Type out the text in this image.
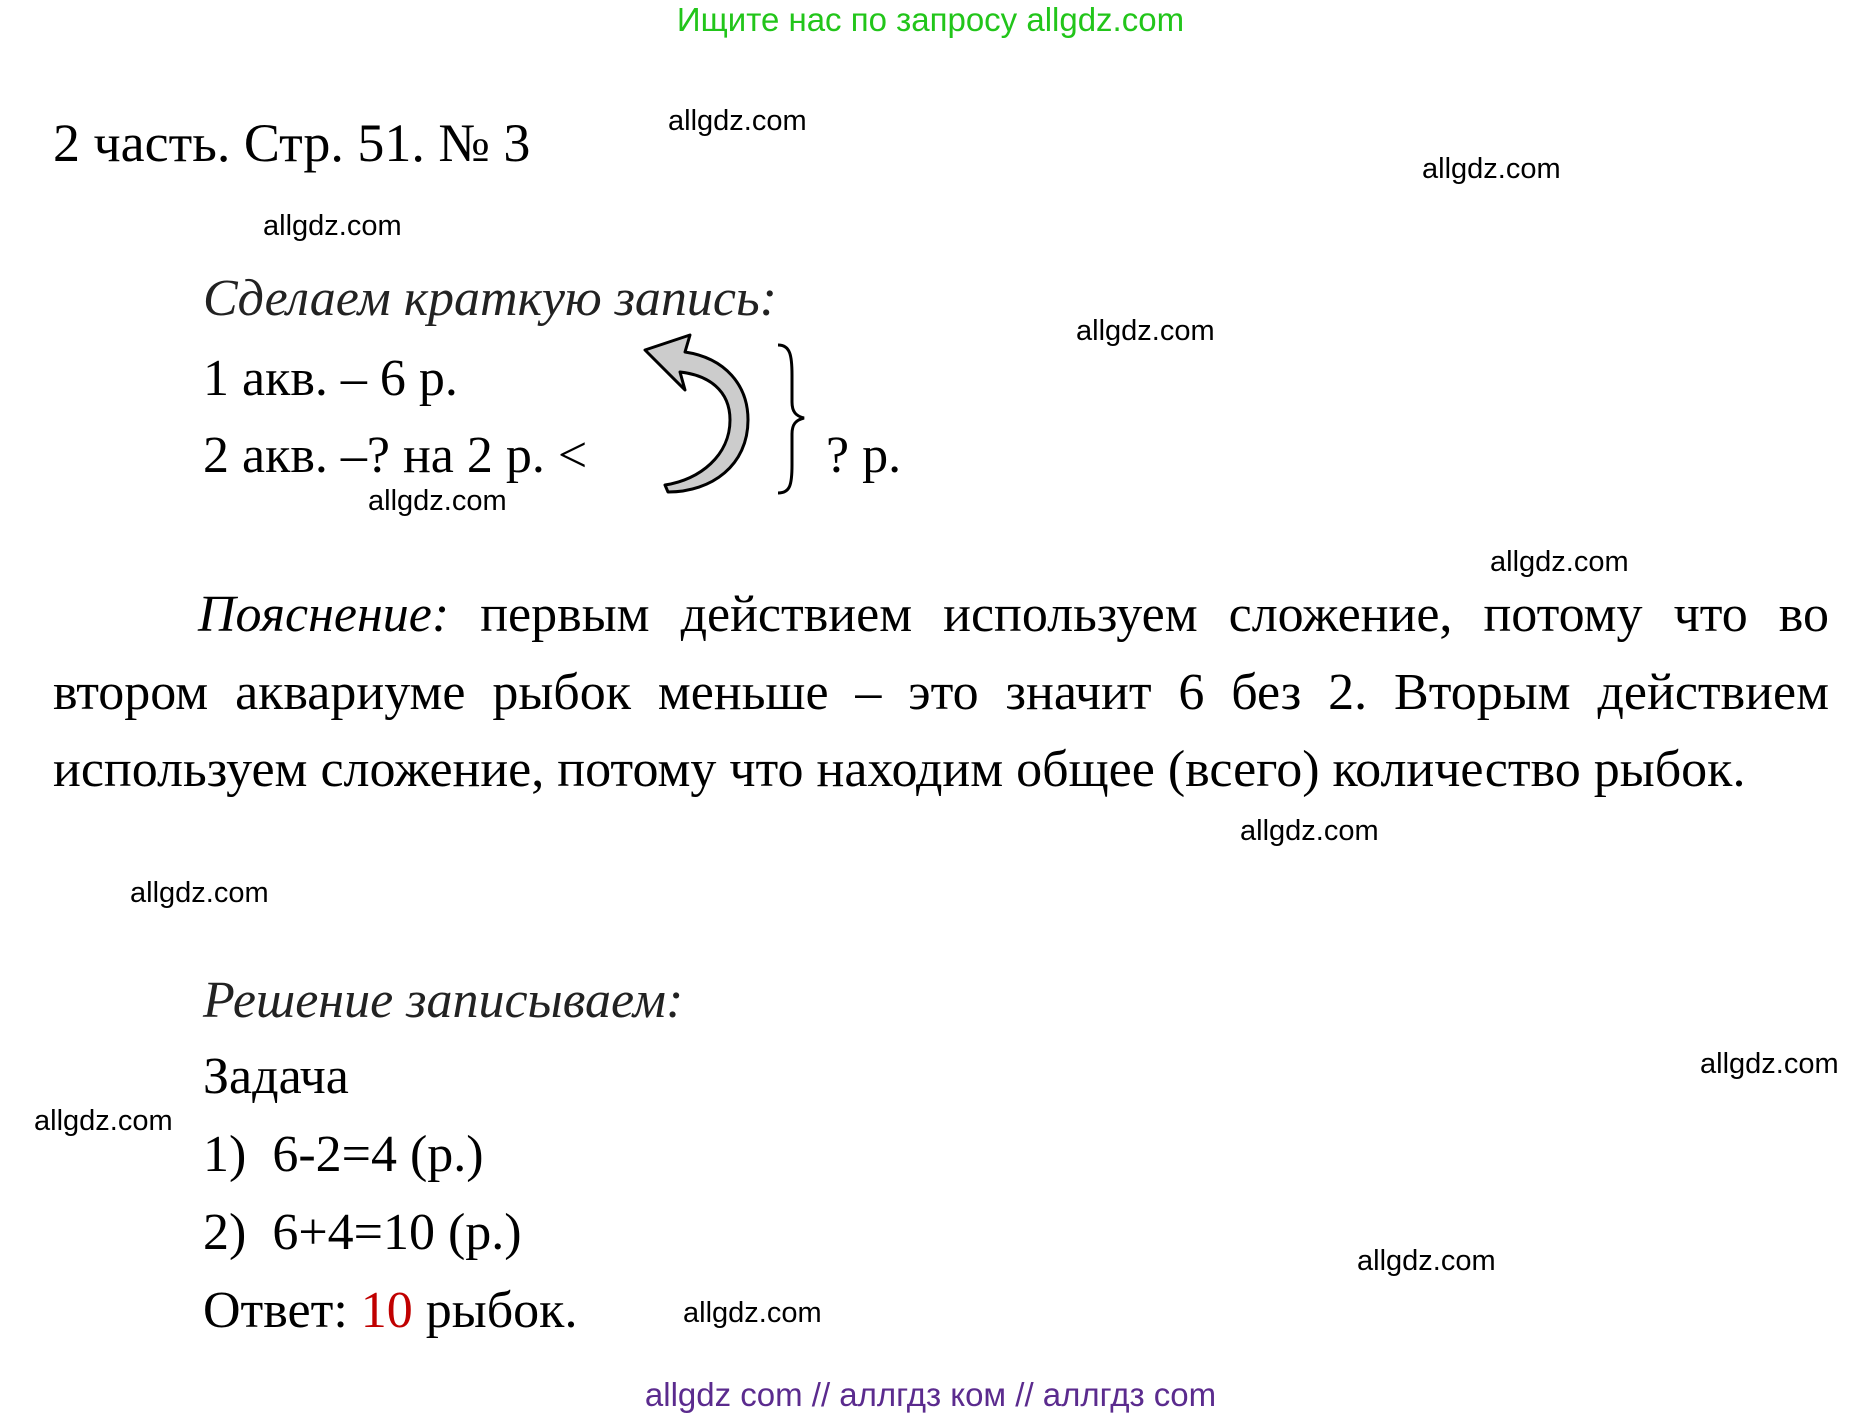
Ищите нас по запросу allgdz.com
2 часть. Стр. 51. № 3
Сделаем краткую запись:
1 акв. – 6 р.
2 акв. –? на 2 р. <	? р.
Пояснение: первым действием используем сложение, потому что во втором аквариуме рыбок меньше – это значит 6 без 2. Вторым действием используем сложение, потому что находим общее (всего) количество рыбок.
Решение записываем:
Задача
1) 6-2=4 (р.)
2) 6+4=10 (р.)
Ответ: 10 рыбок.
allgdz.com
allgdz.com
allgdz.com
allgdz.com
allgdz.com
allgdz.com
allgdz.com
allgdz.com
allgdz.com
allgdz.com
allgdz.com
allgdz.com
allgdz com // аллгдз ком // аллгдз com
